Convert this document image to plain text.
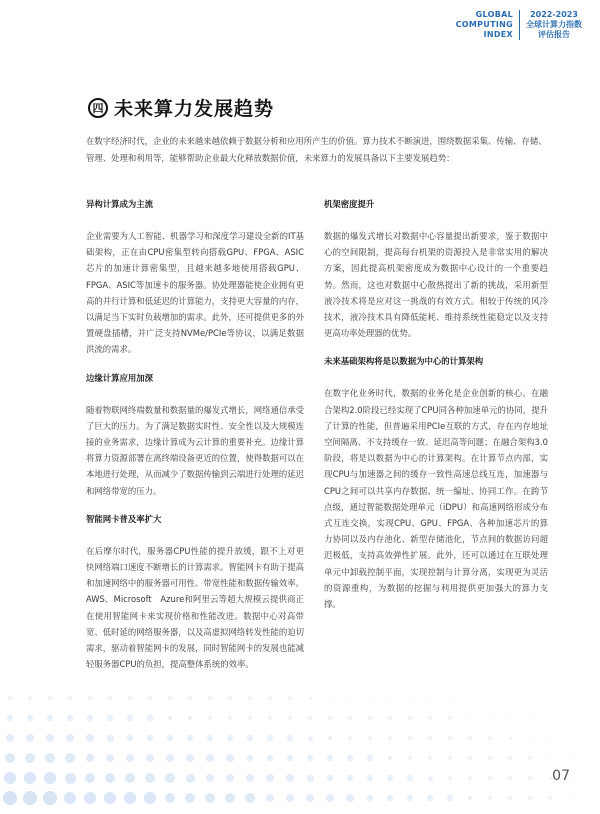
GLOBAL
COMPUTING
INDEX
2022-2023
全球计算力指数
评估报告
四 未来算力发展趋势

在数字经济时代，企业的未来越来越依赖于数据分析和应用所产生的价值。算力技术不断演进，围绕数据采集、传输、存储、管理、处理和利用等，能够帮助企业最大化释放数据价值，未来算力的发展具备以下主要发展趋势：

异构计算成为主流

企业需要为人工智能、机器学习和深度学习建设全新的IT基础架构，正在由CPU密集型转向搭载GPU、FPGA、ASIC芯片的加速计算密集型，且越来越多地使用搭载GPU、FPGA、ASIC等加速卡的服务器。协处理器能使企业拥有更高的并行计算和低延迟的计算能力，支持更大容量的内存，以满足当下实时负载增加的需求。此外，还可提供更多的外置硬盘插槽，并广泛支持NVMe/PCIe等协议，以满足数据洪流的需求。

边缘计算应用加深

随着物联网终端数量和数据量的爆发式增长，网络通信承受了巨大的压力。为了满足数据实时性、安全性以及大规模连接的业务需求，边缘计算成为云计算的重要补充。边缘计算将算力资源部署在离终端设备更近的位置，使得数据可以在本地进行处理，从而减少了数据传输到云端进行处理的延迟和网络带宽的压力。

智能网卡普及率扩大

在后摩尔时代，服务器CPU性能的提升放缓，跟不上对更快网络端口速度不断增长的计算需求。智能网卡有助于提高和加速网络中的服务器可用性、带宽性能和数据传输效率。AWS、Microsoft　Azure和阿里云等超大规模云提供商正在使用智能网卡来实现价格和性能改进。数据中心对高带宽、低时延的网络服务器，以及高虚拟网络转发性能的迫切需求，驱动着智能网卡的发展，同时智能网卡的发展也能减轻服务器CPU的负担，提高整体系统的效率。

机架密度提升

数据的爆发式增长对数据中心容量提出新要求，鉴于数据中心的空间限制，提高每台机架的资源投入是非常实用的解决方案，因此提高机架密度成为数据中心设计的一个重要趋势。然而，这也对数据中心散热提出了新的挑战，采用新型液冷技术将是应对这一挑战的有效方式。相较于传统的风冷技术，液冷技术具有降低能耗、维持系统性能稳定以及支持更高功率处理器的优势。

未来基础架构将是以数据为中心的计算架构

在数字化业务时代，数据的业务化是企业创新的核心。在融合架构2.0阶段已经实现了CPU同各种加速单元的协同，提升了计算的性能，但普遍采用PCIe互联的方式，存在内存地址空间隔离、不支持缓存一致、延迟高等问题；在融合架构3.0阶段，将是以数据为中心的计算架构。在计算节点内部，实现CPU与加速器之间的缓存一致性高速总线互连，加速器与CPU之间可以共享内存数据、统一编址、协同工作。在跨节点级，通过智能数据处理单元（iDPU）和高速网络形成分布式互连交换，实现CPU、GPU、FPGA、各种加速芯片的算力协同以及内存池化、新型存储池化，节点间的数据访问超迟极低，支持高效弹性扩展。此外，还可以通过在互联处理单元中卸载控制平面，实现控制与计算分离，实现更为灵活的资源重构，为数据的挖掘与利用提供更加强大的算力支撑。

07
